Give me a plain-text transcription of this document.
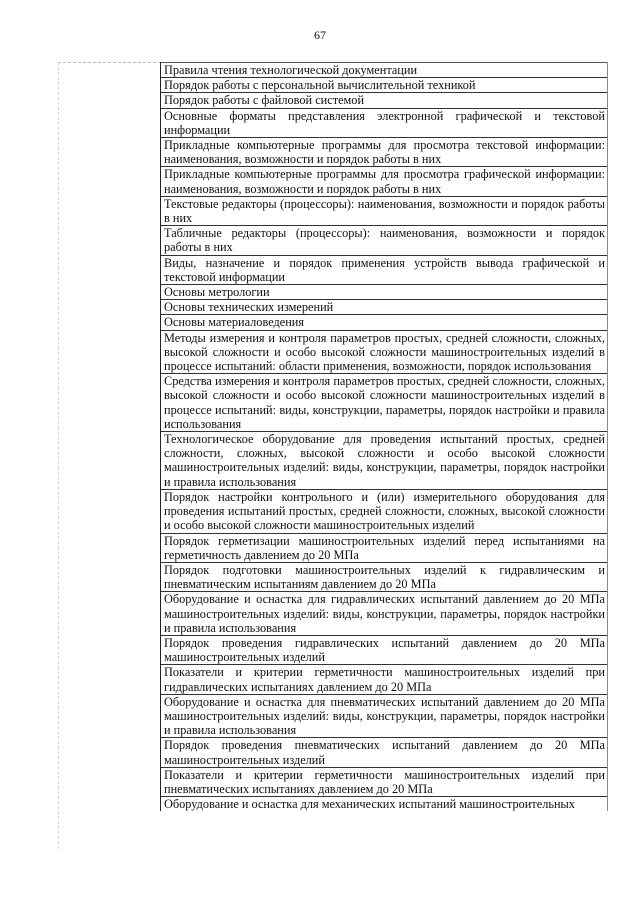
67
Правила чтения технологической документации
Порядок работы с персональной вычислительной техникой
Порядок работы с файловой системой
Основные форматы представления электронной графической и текстовой информации
Прикладные компьютерные программы для просмотра текстовой информации: наименования, возможности и порядок работы в них
Прикладные компьютерные программы для просмотра графической информации: наименования, возможности и порядок работы в них
Текстовые редакторы (процессоры): наименования, возможности и порядок работы в них
Табличные редакторы (процессоры): наименования, возможности и порядок работы в них
Виды, назначение и порядок применения устройств вывода графической и текстовой информации
Основы метрологии
Основы технических измерений
Основы материаловедения
Методы измерения и контроля параметров простых, средней сложности, сложных, высокой сложности и особо высокой сложности машиностроительных изделий в процессе испытаний: области применения, возможности, порядок использования
Средства измерения и контроля параметров простых, средней сложности, сложных, высокой сложности и особо высокой сложности машиностроительных изделий в процессе испытаний: виды, конструкции, параметры, порядок настройки и правила использования
Технологическое оборудование для проведения испытаний простых, средней сложности, сложных, высокой сложности и особо высокой сложности машиностроительных изделий: виды, конструкции, параметры, порядок настройки и правила использования
Порядок настройки контрольного и (или) измерительного оборудования для проведения испытаний простых, средней сложности, сложных, высокой сложности и особо высокой сложности машиностроительных изделий
Порядок герметизации машиностроительных изделий перед испытаниями на герметичность давлением до 20 МПа
Порядок подготовки машиностроительных изделий к гидравлическим и пневматическим испытаниям давлением до 20 МПа
Оборудование и оснастка для гидравлических испытаний давлением до 20 МПа машиностроительных изделий: виды, конструкции, параметры, порядок настройки и правила использования
Порядок проведения гидравлических испытаний давлением до 20 МПа машиностроительных изделий
Показатели и критерии герметичности машиностроительных изделий при гидравлических испытаниях давлением до 20 МПа
Оборудование и оснастка для пневматических испытаний давлением до 20 МПа машиностроительных изделий: виды, конструкции, параметры, порядок настройки и правила использования
Порядок проведения пневматических испытаний давлением до 20 МПа машиностроительных изделий
Показатели и критерии герметичности машиностроительных изделий при пневматических испытаниях давлением до 20 МПа
Оборудование и оснастка для механических испытаний машиностроительных
